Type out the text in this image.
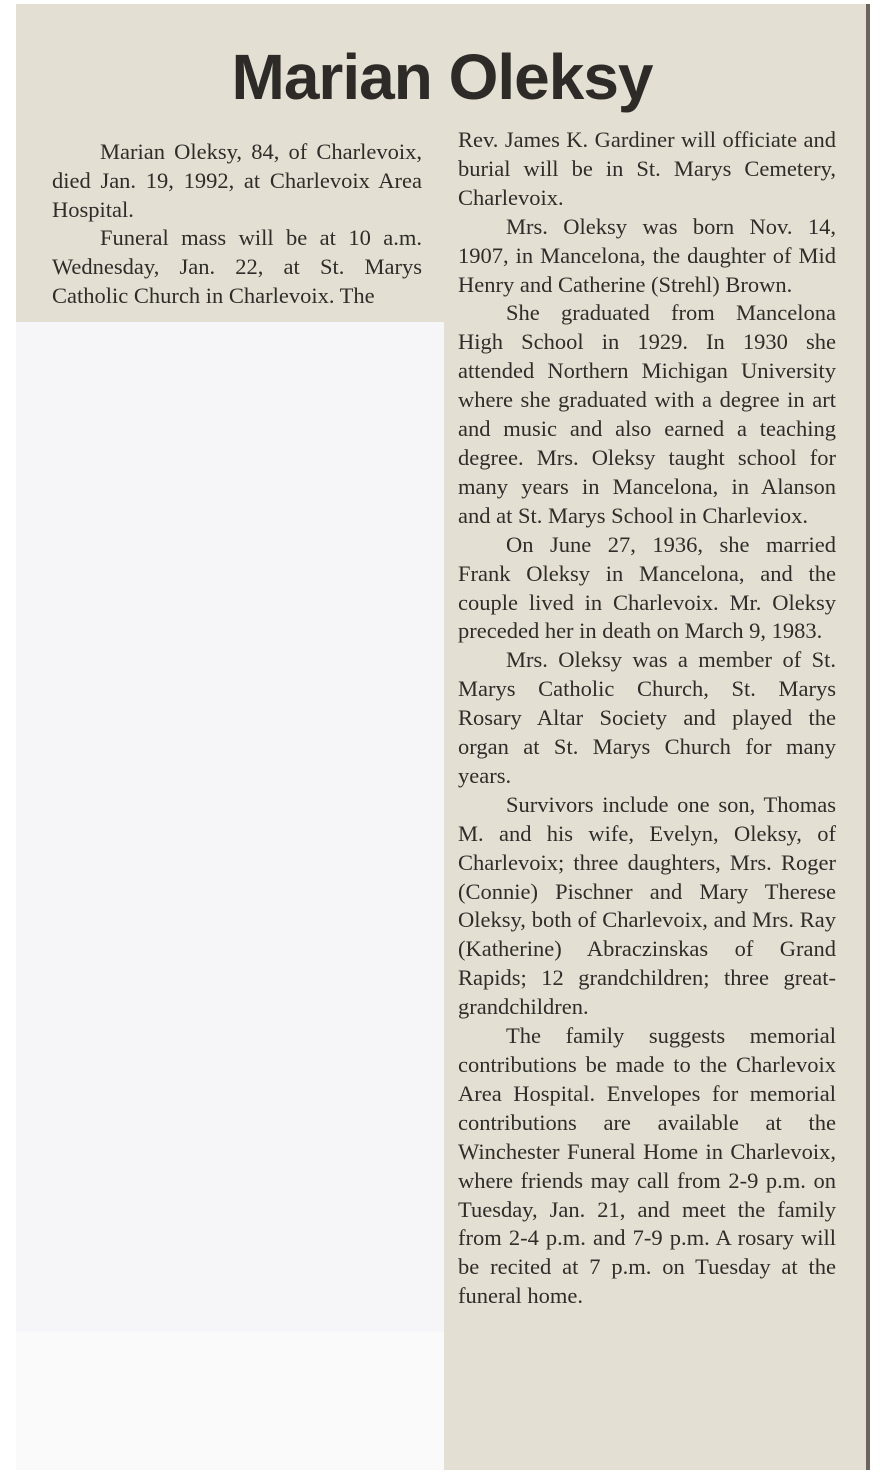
Marian Oleksy

Marian Oleksy, 84, of Charlevoix, died Jan. 19, 1992, at Charlevoix Area Hospital.

Funeral mass will be at 10 a.m. Wednesday, Jan. 22, at St. Marys Catholic Church in Charlevoix. The

Rev. James K. Gardiner will officiate and burial will be in St. Marys Cemetery, Charlevoix.

Mrs. Oleksy was born Nov. 14, 1907, in Mancelona, the daughter of Mid Henry and Catherine (Strehl) Brown.

She graduated from Mancelona High School in 1929. In 1930 she attended Northern Michigan University where she graduated with a degree in art and music and also earned a teaching degree. Mrs. Oleksy taught school for many years in Mancelona, in Alanson and at St. Marys School in Charleviox.

On June 27, 1936, she married Frank Oleksy in Mancelona, and the couple lived in Charlevoix. Mr. Oleksy preceded her in death on March 9, 1983.

Mrs. Oleksy was a member of St. Marys Catholic Church, St. Marys Rosary Altar Society and played the organ at St. Marys Church for many years.

Survivors include one son, Thomas M. and his wife, Evelyn, Oleksy, of Charlevoix; three daughters, Mrs. Roger (Connie) Pischner and Mary Therese Oleksy, both of Charlevoix, and Mrs. Ray (Katherine) Abraczinskas of Grand Rapids; 12 grandchildren; three great-grandchildren.

The family suggests memorial contributions be made to the Charlevoix Area Hospital. Envelopes for memorial contributions are available at the Winchester Funeral Home in Charlevoix, where friends may call from 2-9 p.m. on Tuesday, Jan. 21, and meet the family from 2-4 p.m. and 7-9 p.m. A rosary will be recited at 7 p.m. on Tuesday at the funeral home.
